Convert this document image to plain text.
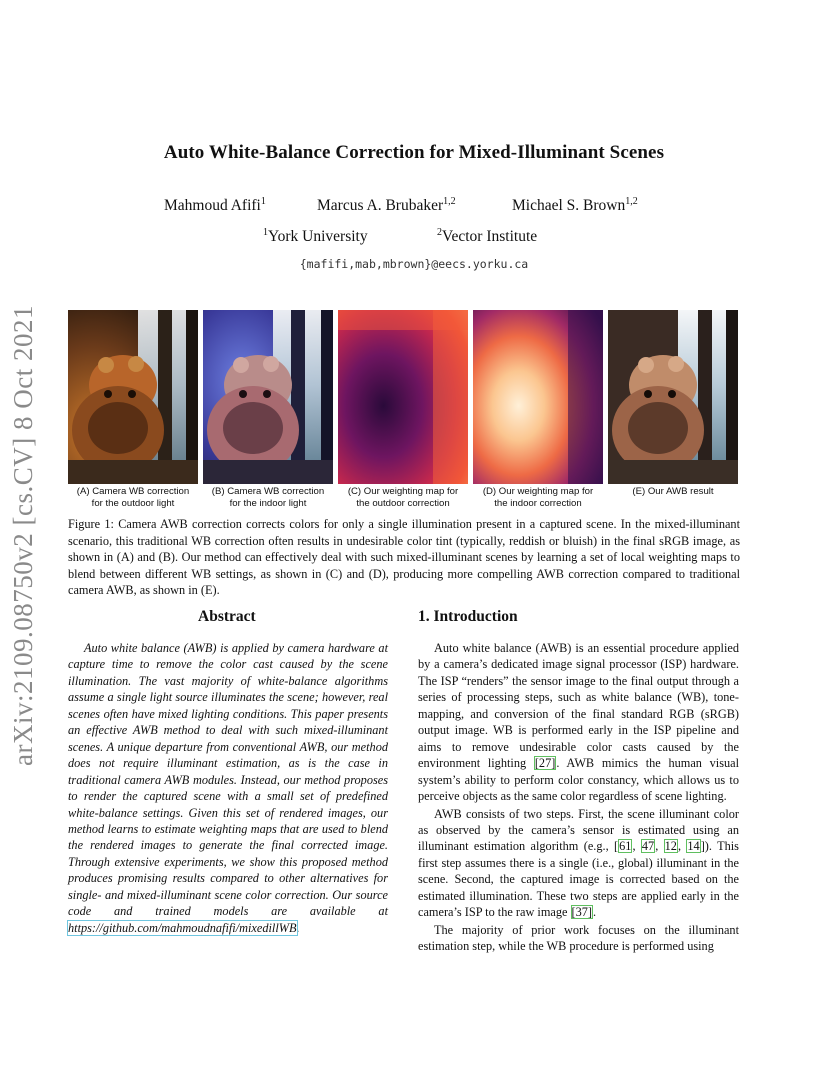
arXiv:2109.08750v2 [cs.CV] 8 Oct 2021
Auto White-Balance Correction for Mixed-Illuminant Scenes
Mahmoud Afifi$^1$	Marcus A. Brubaker$^{1,2}$	Michael S. Brown$^{1,2}$
$^1$York University	$^2$Vector Institute
{mafifi,mab,mbrown}@eecs.yorku.ca
(A) Camera WB correction
for the outdoor light
(B) Camera WB correction
for the indoor light
(C) Our weighting map for
the outdoor correction
(D) Our weighting map for
the indoor correction
(E) Our AWB result

Figure 1: Camera AWB correction corrects colors for only a single illumination present in a captured scene. In the mixed-illuminant scenario, this traditional WB correction often results in undesirable color tint (typically, reddish or bluish) in the final sRGB image, as shown in (A) and (B). Our method can effectively deal with such mixed-illuminant scenes by learning a set of local weighting maps to blend between different WB settings, as shown in (C) and (D), producing more compelling AWB correction compared to traditional camera AWB, as shown in (E).

Abstract	1. Introduction

Auto white balance (AWB) is applied by camera hardware at capture time to remove the color cast caused by the scene illumination. The vast majority of white-balance algorithms assume a single light source illuminates the scene; however, real scenes often have mixed lighting conditions. This paper presents an effective AWB method to deal with such mixed-illuminant scenes. A unique departure from conventional AWB, our method does not require illuminant estimation, as is the case in traditional camera AWB modules. Instead, our method proposes to render the captured scene with a small set of predefined white-balance settings. Given this set of rendered images, our method learns to estimate weighting maps that are used to blend the rendered images to generate the final corrected image. Through extensive experiments, we show this proposed method produces promising results compared to other alternatives for single- and mixed-illuminant scene color correction. Our source code and trained models are available at https://github.com/mahmoudnafifi/mixedillWB.

Auto white balance (AWB) is an essential procedure applied by a camera’s dedicated image signal processor (ISP) hardware. The ISP “renders” the sensor image to the final output through a series of processing steps, such as white balance (WB), tone-mapping, and conversion of the final standard RGB (sRGB) output image. WB is performed early in the ISP pipeline and aims to remove undesirable color casts caused by the environment lighting [27]. AWB mimics the human visual system’s ability to perform color constancy, which allows us to perceive objects as the same color regardless of scene lighting.

AWB consists of two steps. First, the scene illuminant color as observed by the camera’s sensor is estimated using an illuminant estimation algorithm (e.g., [61, 47, 12, 14]). This first step assumes there is a single (i.e., global) illuminant in the scene. Second, the captured image is corrected based on the estimated illumination. These two steps are applied early in the camera’s ISP to the raw image [37].

The majority of prior work focuses on the illuminant estimation step, while the WB procedure is performed using
